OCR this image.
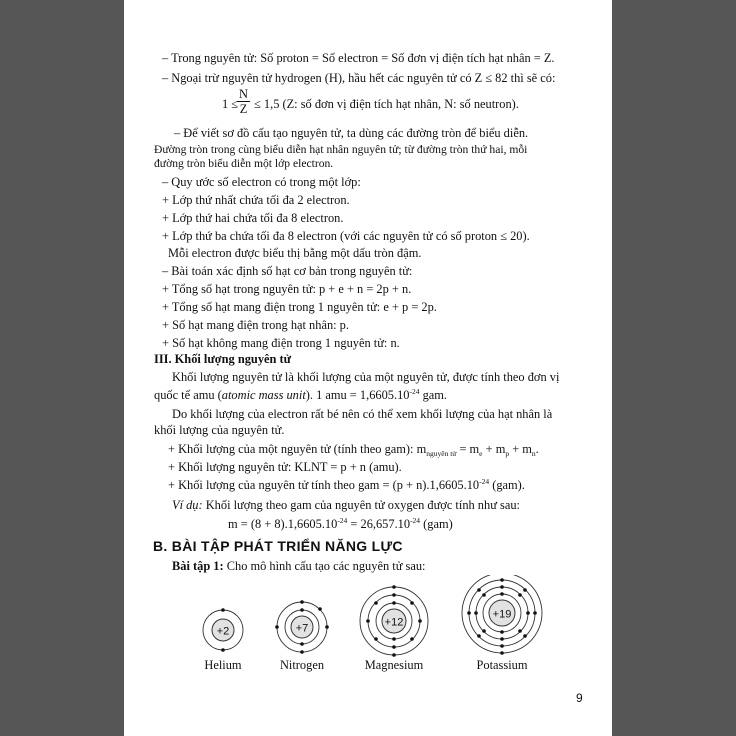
– Trong nguyên tử: Số proton = Số electron = Số đơn vị điện tích hạt nhân = Z.
– Ngoại trừ nguyên tử hydrogen (H), hầu hết các nguyên tử có Z ≤ 82 thì sẽ có:
1 ≤
$\frac{N}{Z} \le 1,5$ (Z: số đơn vị điện tích hạt nhân, N: số neutron).
– Để viết sơ đồ cấu tạo nguyên tử, ta dùng các đường tròn để biểu diễn.
Đường tròn trong cùng biểu diễn hạt nhân nguyên tử; từ đường tròn thứ hai, mỗi
đường tròn biểu diễn một lớp electron.
– Quy ước số electron có trong một lớp:
+ Lớp thứ nhất chứa tối đa 2 electron.
+ Lớp thứ hai chứa tối đa 8 electron.
+ Lớp thứ ba chứa tối đa 8 electron (với các nguyên tử có số proton ≤ 20).
Mỗi electron được biểu thị bằng một dấu tròn đậm.
– Bài toán xác định số hạt cơ bản trong nguyên tử:
+ Tổng số hạt trong nguyên tử: p + e + n = 2p + n.
+ Tổng số hạt mang điện trong 1 nguyên tử: e + p = 2p.
+ Số hạt mang điện trong hạt nhân: p.
+ Số hạt không mang điện trong 1 nguyên tử: n.
III. Khối lượng nguyên tử
Khối lượng nguyên tử là khối lượng của một nguyên tử, được tính theo đơn vị
quốc tế amu (atomic mass unit). 1 amu = $1,6605.10^{-24}$ gam.
Do khối lượng của electron rất bé nên có thể xem khối lượng của hạt nhân là
khối lượng của nguyên tử.
+ Khối lượng của một nguyên tử (tính theo gam): $m_{nguyên tử} = m_e + m_p + m_n$.
+ Khối lượng nguyên tử: KLNT = p + n (amu).
+ Khối lượng của nguyên tử tính theo gam = $(p + n).1,6605.10^{-24}$ (gam).
Ví dụ: Khối lượng theo gam của nguyên tử oxygen được tính như sau:
$m = (8 + 8).1,6605.10^{-24} = 26,657.10^{-24}$ (gam)
B. BÀI TẬP PHÁT TRIỂN NĂNG LỰC
Bài tập 1: Cho mô hình cấu tạo các nguyên tử sau:
+2	+7	+12
+19
Helium	Nitrogen	Magnesium	Potassium
9
